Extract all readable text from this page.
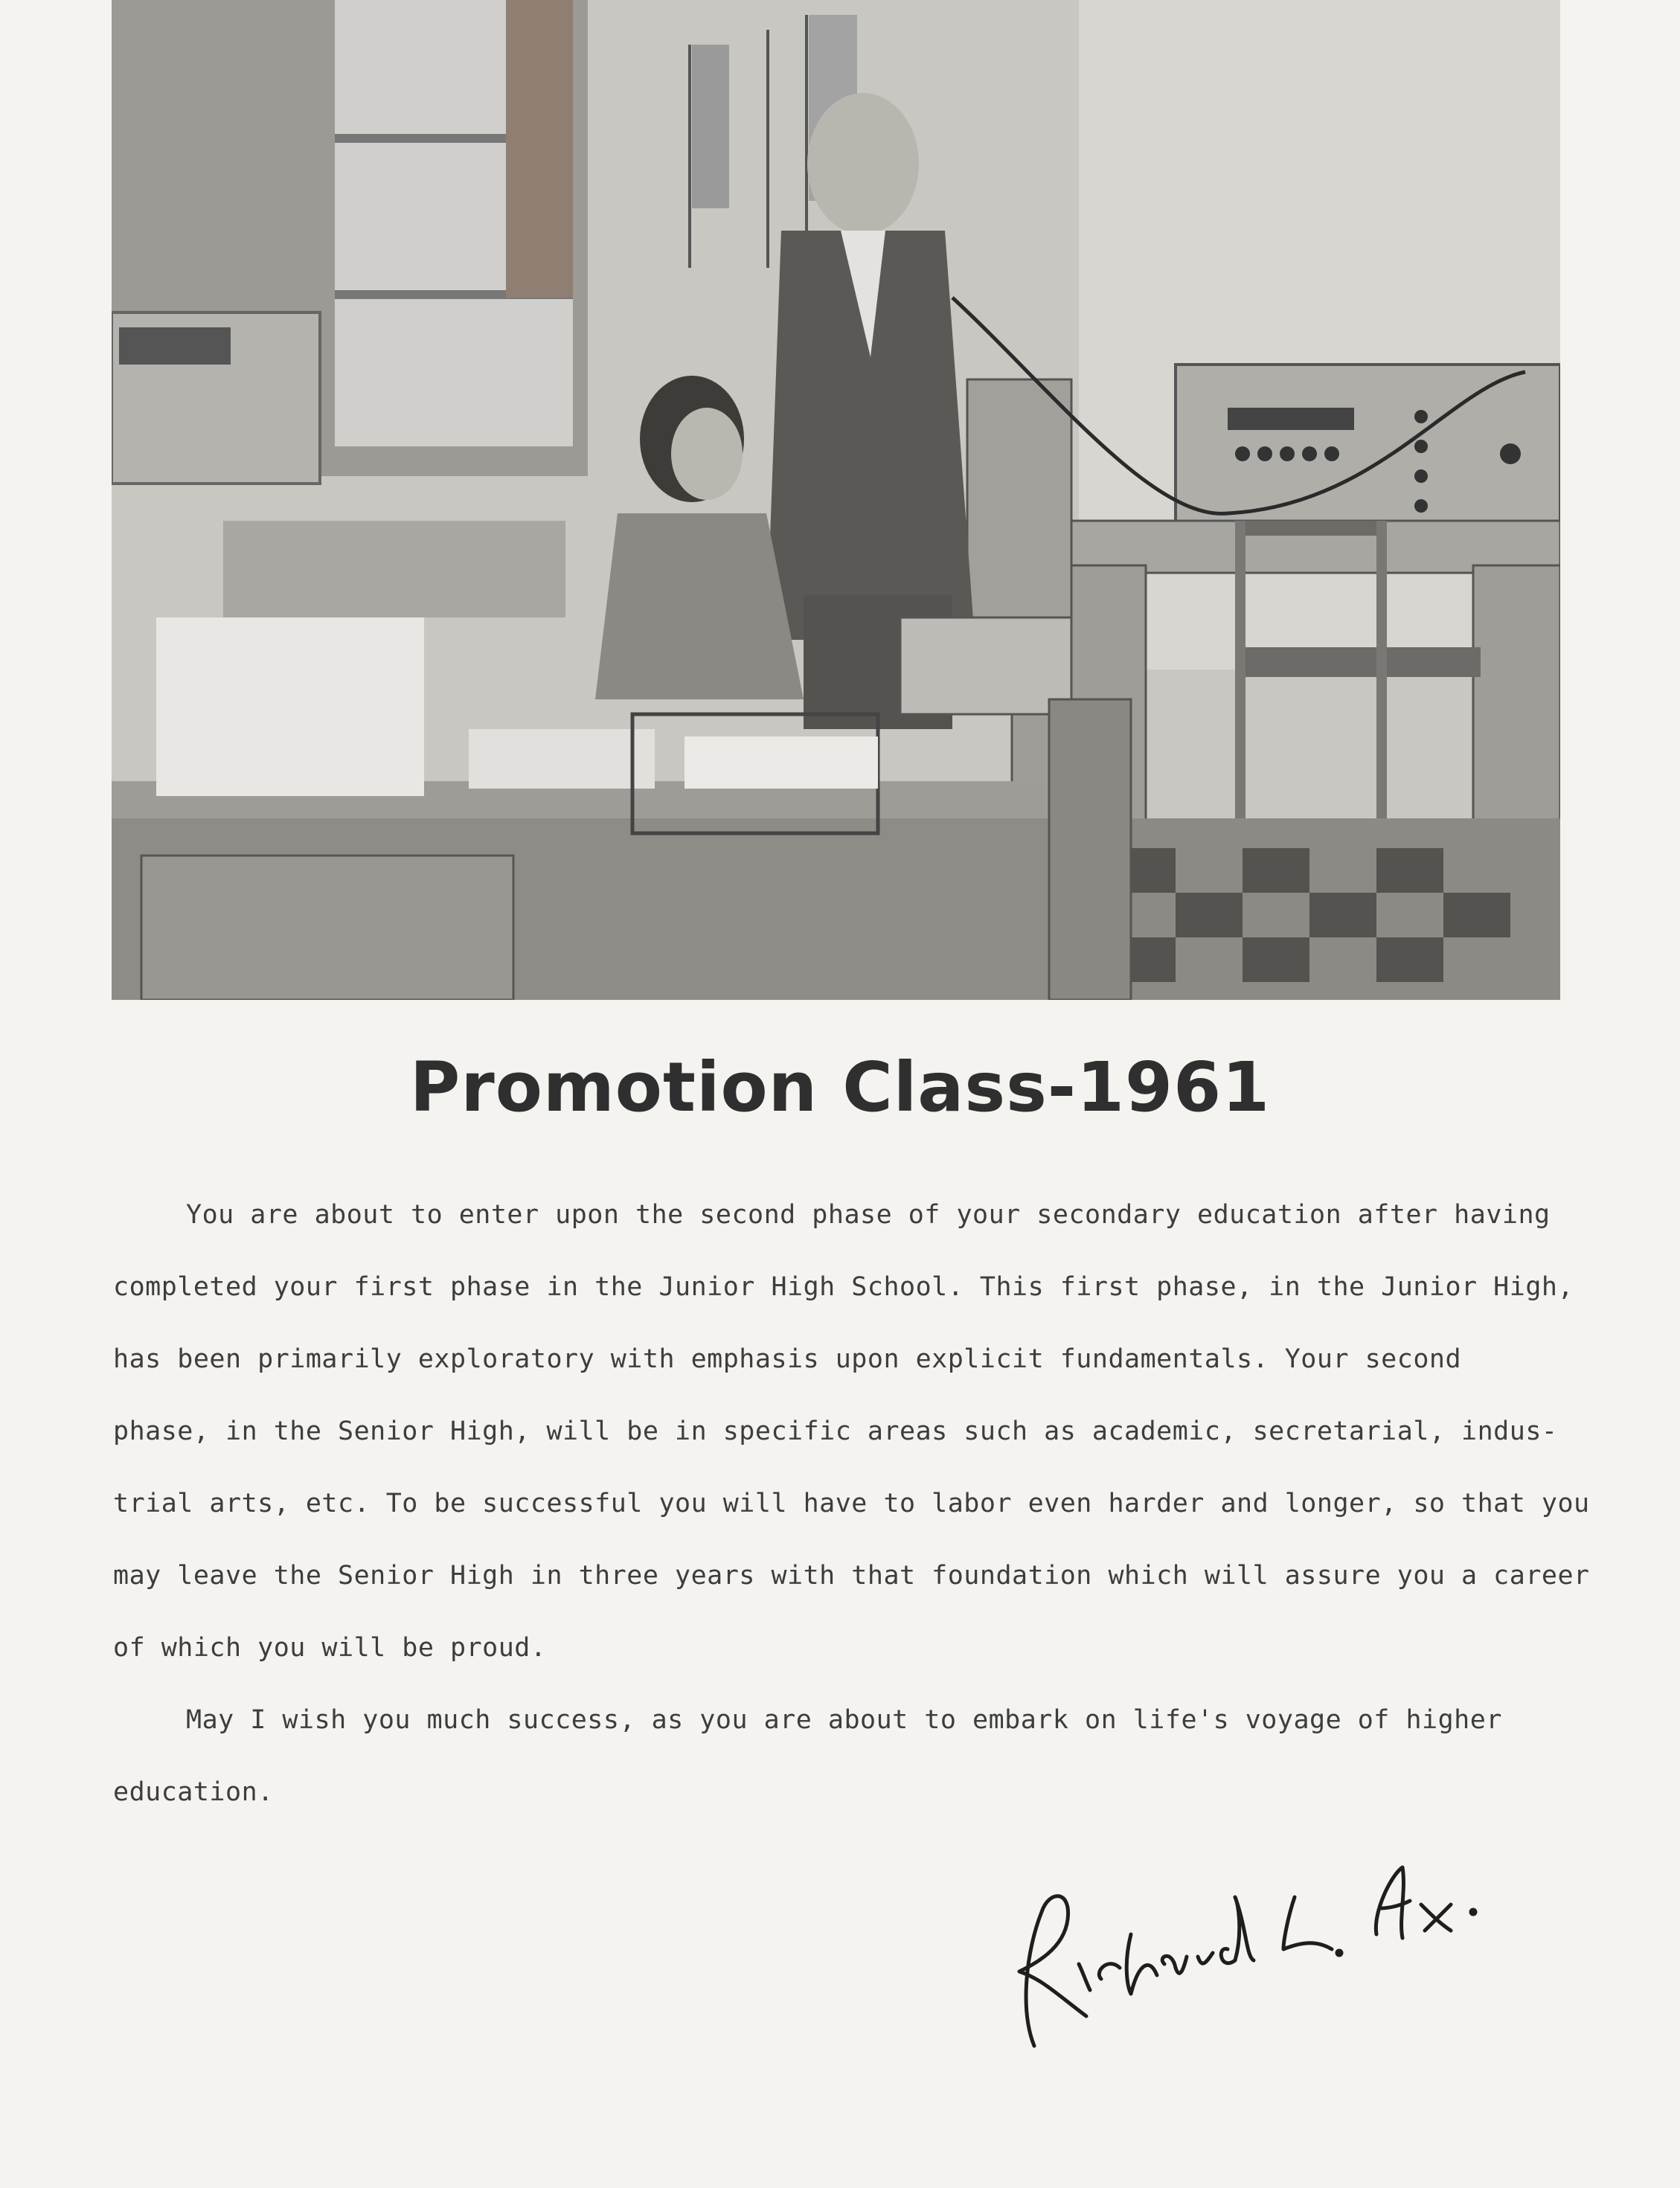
Promotion Class-1961
You are about to enter upon the second phase of your secondary education after having
completed your first phase in the Junior High School. This first phase, in the Junior High,
has been primarily exploratory with emphasis upon explicit fundamentals. Your second
phase, in the Senior High, will be in specific areas such as academic, secretarial, indus-
trial arts, etc. To be successful you will have to labor even harder and longer, so that you
may leave the Senior High in three years with that foundation which will assure you a career
of which you will be proud.
May I wish you much success, as you are about to embark on life's voyage of higher
education.
